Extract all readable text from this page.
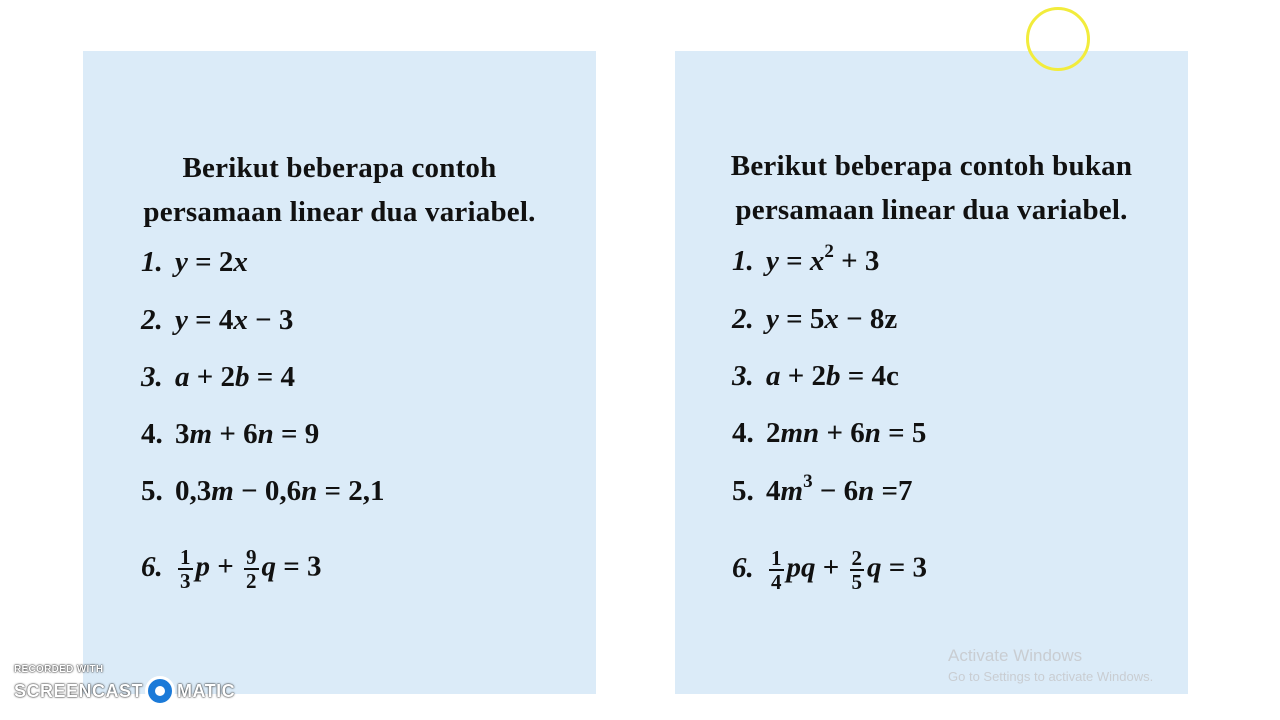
Berikut beberapa contoh
persamaan linear dua variabel.
1. y = 2x
2. y = 4x − 3
3. a + 2b = 4
4. 3m + 6n = 9
5. 0,3m − 0,6n = 2,1
6. $\frac{1}{3}$ $p + \frac{9}{2}$ q = 3
Berikut beberapa contoh bukan
persamaan linear dua variabel.
1. $y = x^2 + 3$
2. y = 5x − 8z
3. a + 2b = 4c
4. 2mn + 6n = 5
5. $4m^3 - 6n =7$
6. $\frac{1}{4}$ pq + $\frac{2}{5}$ q = 3
Activate Windows
Go to Settings to activate Windows.
RECORDED WITH
SCREENCAST MATIC
